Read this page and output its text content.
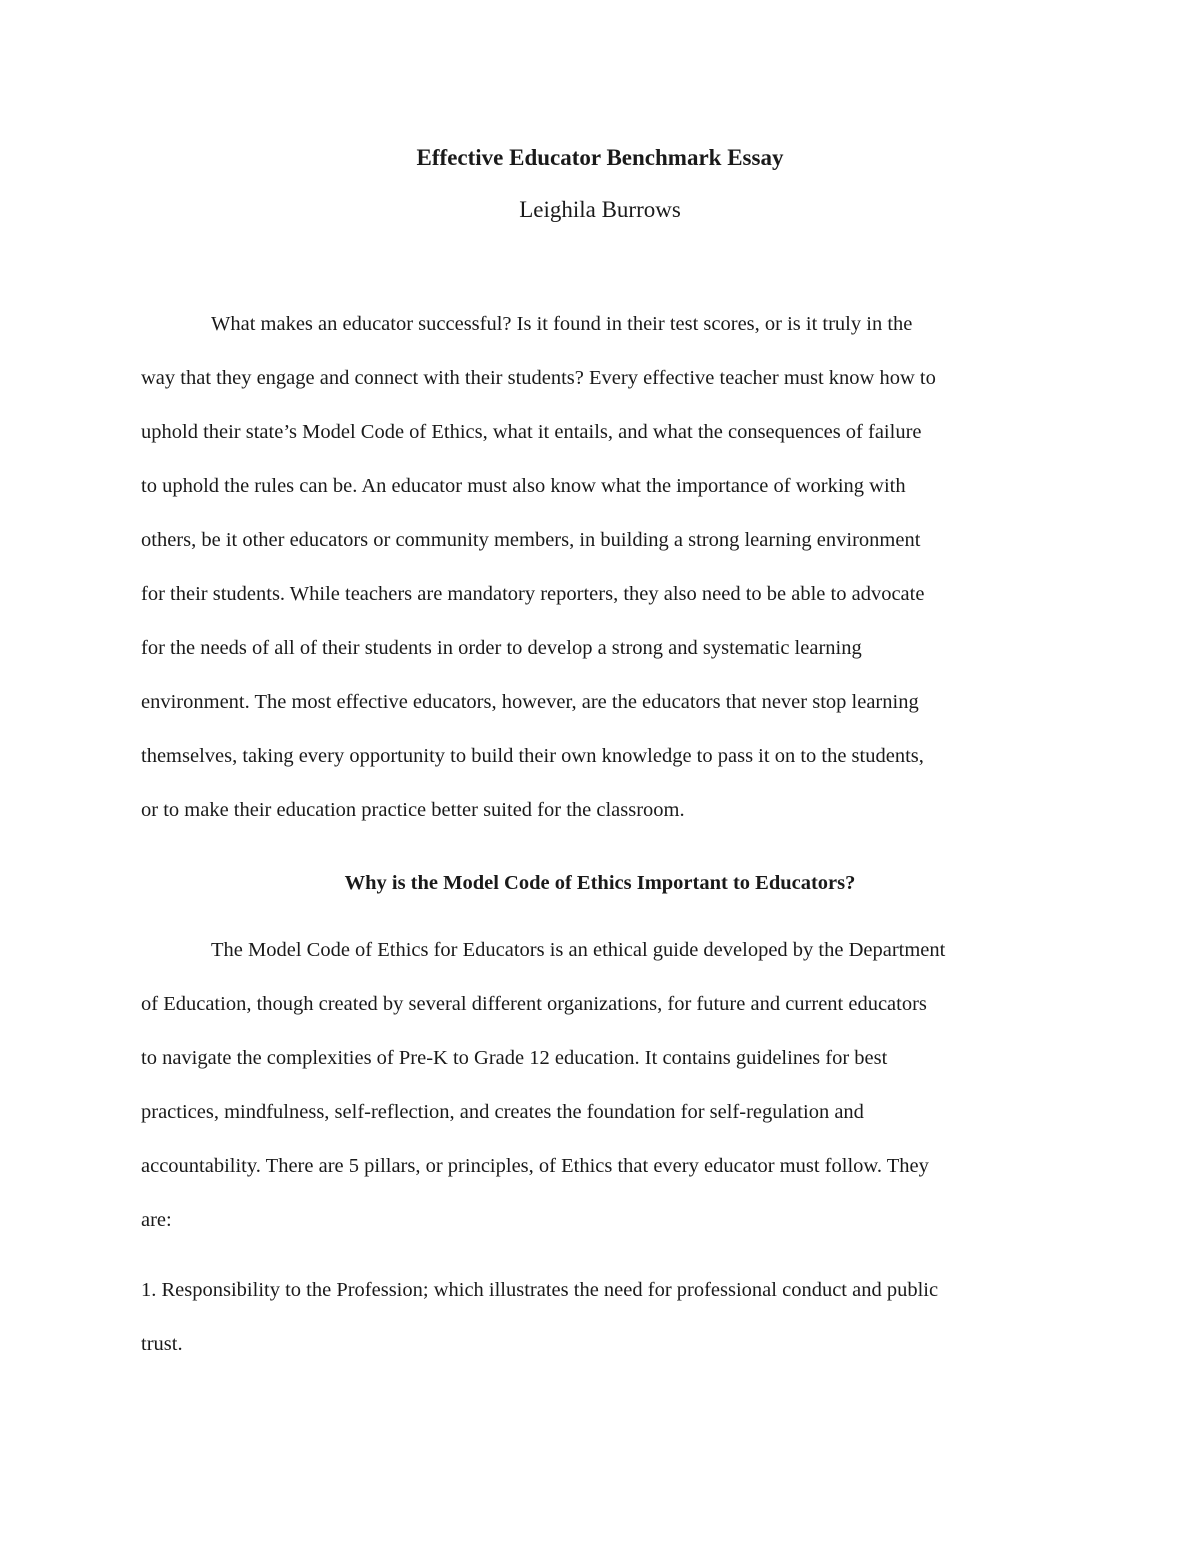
Effective Educator Benchmark Essay
Leighila Burrows
What makes an educator successful? Is it found in their test scores, or is it truly in the
way that they engage and connect with their students? Every effective teacher must know how to
uphold their state’s Model Code of Ethics, what it entails, and what the consequences of failure
to uphold the rules can be. An educator must also know what the importance of working with
others, be it other educators or community members, in building a strong learning environment
for their students. While teachers are mandatory reporters, they also need to be able to advocate
for the needs of all of their students in order to develop a strong and systematic learning
environment. The most effective educators, however, are the educators that never stop learning
themselves, taking every opportunity to build their own knowledge to pass it on to the students,
or to make their education practice better suited for the classroom.
Why is the Model Code of Ethics Important to Educators?
The Model Code of Ethics for Educators is an ethical guide developed by the Department
of Education, though created by several different organizations, for future and current educators
to navigate the complexities of Pre-K to Grade 12 education. It contains guidelines for best
practices, mindfulness, self-reflection, and creates the foundation for self-regulation and
accountability. There are 5 pillars, or principles, of Ethics that every educator must follow. They
are:
1. Responsibility to the Profession; which illustrates the need for professional conduct and public
trust.
